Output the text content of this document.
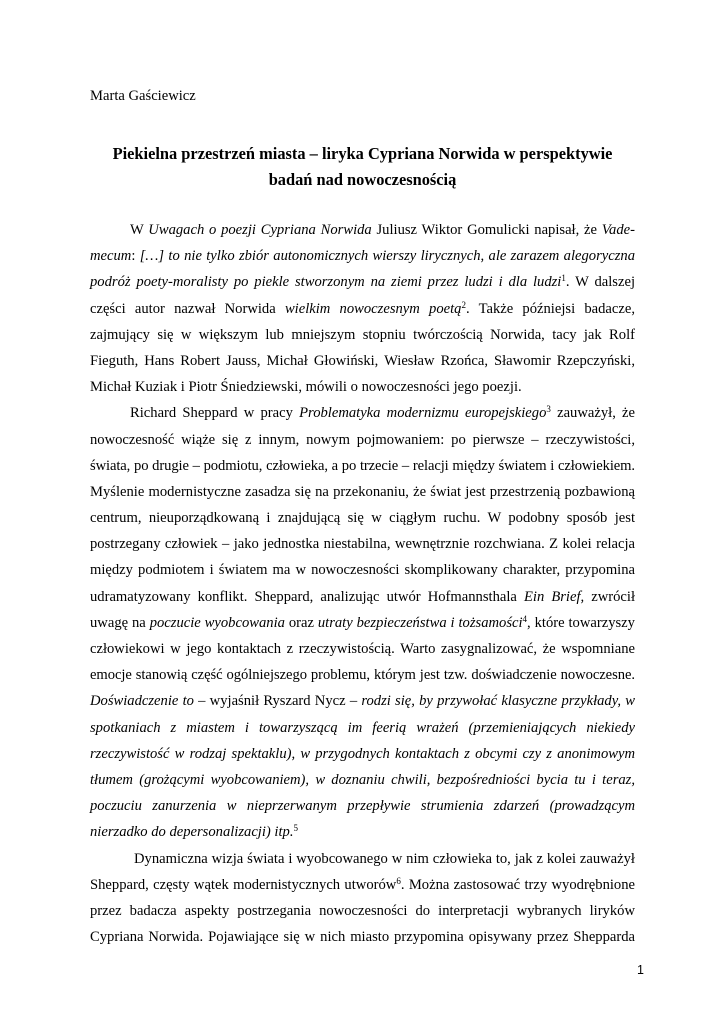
Marta Gaściewicz
Piekielna przestrzeń miasta – liryka Cypriana Norwida w perspektywie
badań nad nowoczesnością
W Uwagach o poezji Cypriana Norwida Juliusz Wiktor Gomulicki napisał, że Vade-
mecum: […] to nie tylko zbiór autonomicznych wierszy lirycznych, ale zarazem alegoryczna
podróż poety-moralisty po piekle stworzonym na ziemi przez ludzi i dla ludzi$^1$. W dalszej
części autor nazwał Norwida wielkim nowoczesnym poetą$^2$. Także późniejsi badacze,
zajmujący się w większym lub mniejszym stopniu twórczością Norwida, tacy jak Rolf
Fieguth, Hans Robert Jauss, Michał Głowiński, Wiesław Rzońca, Sławomir Rzepczyński,
Michał Kuziak i Piotr Śniedziewski, mówili o nowoczesności jego poezji.
Richard Sheppard w pracy Problematyka modernizmu europejskiego$^3$ zauważył, że
nowoczesność wiąże się z innym, nowym pojmowaniem: po pierwsze – rzeczywistości,
świata, po drugie – podmiotu, człowieka, a po trzecie – relacji między światem i człowiekiem.
Myślenie modernistyczne zasadza się na przekonaniu, że świat jest przestrzenią pozbawioną
centrum, nieuporządkowaną i znajdującą się w ciągłym ruchu. W podobny sposób jest
postrzegany człowiek – jako jednostka niestabilna, wewnętrznie rozchwiana. Z kolei relacja
między podmiotem i światem ma w nowoczesności skomplikowany charakter, przypomina
udramatyzowany konflikt. Sheppard, analizując utwór Hofmannsthala Ein Brief, zwrócił
uwagę na poczucie wyobcowania oraz utraty bezpieczeństwa i tożsamości$^4$, które towarzyszy
człowiekowi w jego kontaktach z rzeczywistością. Warto zasygnalizować, że wspomniane
emocje stanowią część ogólniejszego problemu, którym jest tzw. doświadczenie nowoczesne.
Doświadczenie to – wyjaśnił Ryszard Nycz – rodzi się, by przywołać klasyczne przykłady, w
spotkaniach z miastem i towarzyszącą im feerią wrażeń (przemieniających niekiedy
rzeczywistość w rodzaj spektaklu), w przygodnych kontaktach z obcymi czy z anonimowym
tłumem (grożącymi wyobcowaniem), w doznaniu chwili, bezpośredniości bycia tu i teraz,
poczuciu zanurzenia w nieprzerwanym przepływie strumienia zdarzeń (prowadzącym
nierzadko do depersonalizacji) itp.$^5$
Dynamiczna wizja świata i wyobcowanego w nim człowieka to, jak z kolei zauważył
Sheppard, częsty wątek modernistycznych utworów$^6$. Można zastosować trzy wyodrębnione
przez badacza aspekty postrzegania nowoczesności do interpretacji wybranych liryków
Cypriana Norwida. Pojawiające się w nich miasto przypomina opisywany przez Shepparda
1
